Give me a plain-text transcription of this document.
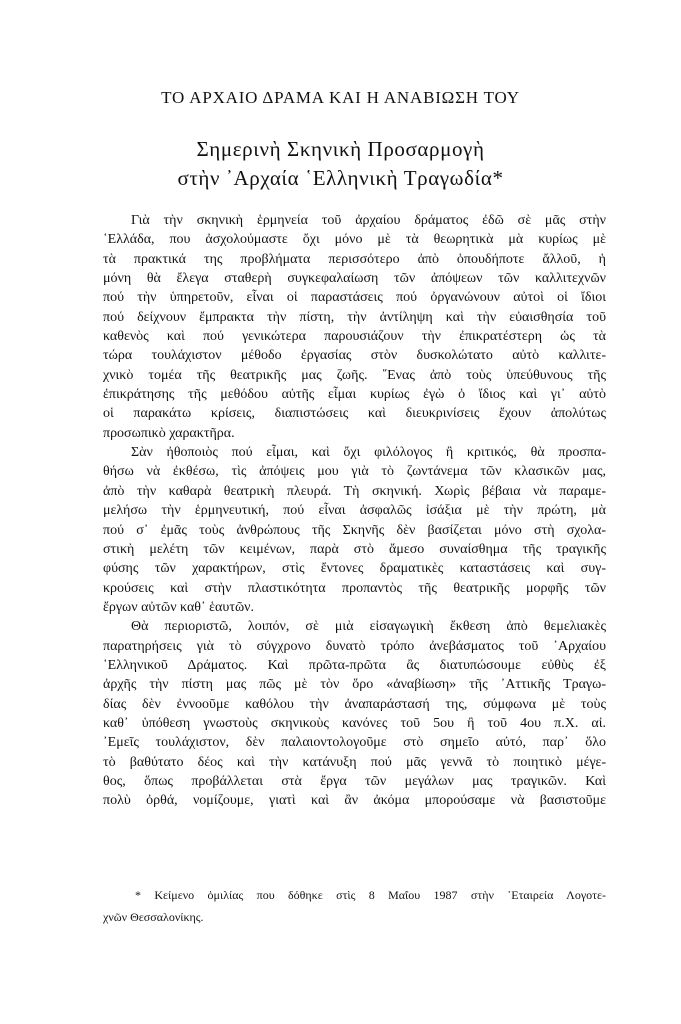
ΤΟ ΑΡΧΑΙΟ ΔΡΑΜΑ ΚΑΙ Η ΑΝΑΒΙΩΣΗ ΤΟΥ
Σημερινὴ Σκηνικὴ Προσαρμογὴ
στὴν ᾿Αρχαία ῾Ελληνικὴ Τραγωδία*

Γιὰ τὴν σκηνικὴ ἑρμηνεία τοῦ ἀρχαίου δράματος ἐδῶ σὲ μᾶς στὴν
῾Ελλάδα, που ἀσχολούμαστε ὄχι μόνο μὲ τὰ θεωρητικὰ μὰ κυρίως μὲ
τὰ πρακτικά της προβλήματα περισσότερο ἀπὸ ὁπουδήποτε ἄλλοῦ, ἡ
μόνη θὰ ἔλεγα σταθερὴ συγκεφαλαίωση τῶν ἀπόψεων τῶν καλλιτεχνῶν
πού τὴν ὑπηρετοῦν, εἶναι οἱ παραστάσεις πού ὀργανώνουν αὐτοὶ οἱ ἴδιοι
πού δείχνουν ἔμπρακτα τὴν πίστη, τὴν ἀντίληψη καὶ τὴν εὐαισθησία τοῦ
καθενὸς καὶ πού γενικώτερα παρουσιάζουν τὴν ἐπικρατέστερη ὡς τὰ
τώρα τουλάχιστον μέθοδο ἐργασίας στὸν δυσκολώτατο αὐτὸ καλλιτε-
χνικὸ τομέα τῆς θεατρικῆς μας ζωῆς. ῞Ενας ἀπὸ τοὺς ὑπεύθυνους τῆς
ἐπικράτησης τῆς μεθόδου αὐτῆς εἶμαι κυρίως ἐγὼ ὁ ἴδιος καὶ γι᾿ αὐτὸ
οἱ παρακάτω κρίσεις, διαπιστώσεις καὶ διευκρινίσεις ἔχουν ἀπολύτως
προσωπικὸ χαρακτῆρα.

Σὰν ἠθοποιὸς πού εἶμαι, καὶ ὄχι φιλόλογος ἢ κριτικός, θὰ προσπα-
θήσω νὰ ἐκθέσω, τὶς ἀπόψεις μου γιὰ τὸ ζωντάνεμα τῶν κλασικῶν μας,
ἀπὸ τὴν καθαρὰ θεατρικὴ πλευρά. Τὴ σκηνική. Χωρὶς βέβαια νὰ παραμε-
μελήσω τὴν ἑρμηνευτική, πού εἶναι ἀσφαλῶς ἰσάξια μὲ τὴν πρώτη, μὰ
πού σ᾿ ἐμᾶς τοὺς ἀνθρώπους τῆς Σκηνῆς δὲν βασίζεται μόνο στὴ σχολα-
στικὴ μελέτη τῶν κειμένων, παρὰ στὸ ἄμεσο συναίσθημα τῆς τραγικῆς
φύσης τῶν χαρακτήρων, στὶς ἔντονες δραματικὲς καταστάσεις καὶ συγ-
κρούσεις καὶ στὴν πλαστικότητα προπαντὸς τῆς θεατρικῆς μορφῆς τῶν
ἔργων αὐτῶν καθ᾿ ἑαυτῶν.

Θὰ περιοριστῶ, λοιπόν, σὲ μιὰ εἰσαγωγικὴ ἔκθεση ἀπὸ θεμελιακὲς
παρατηρήσεις γιὰ τὸ σύγχρονο δυνατὸ τρόπο ἀνεβάσματος τοῦ ᾿Αρχαίου
῾Ελληνικοῦ Δράματος. Καὶ πρῶτα-πρῶτα ἂς διατυπώσουμε εὐθὺς ἐξ
ἀρχῆς τὴν πίστη μας πῶς μὲ τὸν ὅρο «ἀναβίωση» τῆς ᾿Αττικῆς Τραγω-
δίας δὲν ἐννοοῦμε καθόλου τὴν ἀναπαράστασή της, σύμφωνα μὲ τοὺς
καθ᾿ ὑπόθεση γνωστοὺς σκηνικοὺς κανόνες τοῦ 5ου ἢ τοῦ 4ου π.Χ. αἰ.
᾿Εμεῖς τουλάχιστον, δὲν παλαιοντολογοῦμε στὸ σημεῖο αὐτό, παρ᾿ ὅλο
τὸ βαθύτατο δέος καὶ τὴν κατάνυξη πού μᾶς γεννᾶ τὸ ποιητικὸ μέγε-
θος, ὅπως προβάλλεται στὰ ἔργα τῶν μεγάλων μας τραγικῶν. Καὶ
πολὺ ὀρθά, νομίζουμε, γιατὶ καὶ ἂν ἀκόμα μπορούσαμε νὰ βασιστοῦμε

* Κείμενο ὁμιλίας που δόθηκε στὶς 8 Μαΐου 1987 στὴν ῾Εταιρεία Λογοτε-
χνῶν Θεσσαλονίκης.
